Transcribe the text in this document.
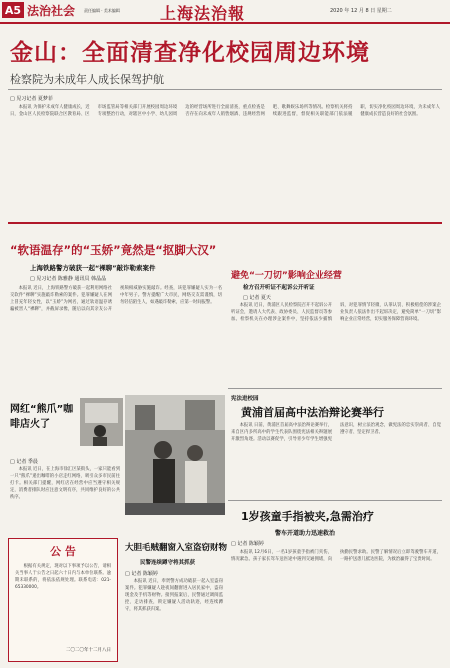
A5 法治社会 责任编辑 · 美术编辑	上海法治報	2020 年 12 月 8 日 星期二
金山：全面清查净化校园周边环境
检察院为未成年人成长保驾护航
□ 见习记者 夏梦菲

本报讯 为保护未成年人健康成长，近日，金山区人民检察院联合区教育局、区市场监管局等相关部门开展校园周边环境专项整治行动，对辖区中小学、幼儿园周边的经营场所进行全面清查，重点检查是否存在向未成年人销售烟酒、违规经营网吧、歌舞娱乐场所等情况。检察机关将持续跟进监督，督促相关职能部门依法履职，切实净化校园周边环境，为未成年人健康成长营造良好的社会氛围。

“软语温存”的“玉娇”竟然是“抠脚大汉”
上海铁路警方破获一起“裸聊”敲诈勒索案件
□ 见习记者 陈雅静 通讯员 韩晶晶

本报讯 近日，上海铁路警方破获一起利用网络社交软件“裸聊”实施敲诈勒索的案件。犯罪嫌疑人在网上冒充年轻女性，以“玉娇”为网名，通过软语温存诱骗被害人“裸聊”，并截屏录像，随后以向其亲友公开视频相威胁实施敲诈。经查，该犯罪嫌疑人实为一名中年男子。警方提醒广大市民，网络交友需谨慎，切勿轻信陌生人，如遇敲诈勒索，应第一时间报警。

避免“一刀切”影响企业经营
检方召开听证不起诉公开听证
□ 记者 夏天

本报讯 近日，黄浦区人民检察院召开不起诉公开听证会，邀请人大代表、政协委员、人民监督员等参加。检察机关在办理涉企案件中，坚持依法少捕慎诉，对犯罪情节轻微、认罪认罚、积极赔偿的涉案企业负责人依法作出不起诉决定，避免简单“一刀切”影响企业正常经营，切实服务保障营商环境。

网红“熊爪”咖啡店火了
□ 记者 季晨

本报讯 近日，在上海市徐汇区某街头，一家只能看到一只“熊爪”递出咖啡的小店走红网络，吸引众多市民前往打卡。相关部门提醒，网红店在经营中应当遵守相关规定，消费者排队时应注意文明有序，共同维护良好的公共秩序。

宪法进校园
黄浦首届高中法治辩论赛举行

本报讯 日前，黄浦区首届高中法治辩论赛举行，来自区内多所高中的学生代表队围绕宪法相关辩题展开激烈角逐。活动以赛促学，引导青少年学生增强宪法意识，树立法治观念，做宪法的忠实崇尚者、自觉遵守者、坚定捍卫者。

1岁孩童手指被夹,急需治疗
警车开道助力迅速救治
□ 记者 陈颖婷

本报讯 12月6日，一名1岁孩童手指被门夹伤，情况紧急。孩子家长驾车送医途中遇到交通拥堵，向执勤民警求助。民警了解情况后立即驾驶警车开道，一路护送患儿抵达医院，为救治赢得了宝贵时间。

大胆毛贼翻窗入室盗窃财物
民警连续蹲守将其抓获
□ 记者 陈颖婷

本报讯 近日，奉贤警方成功破获一起入室盗窃案件。犯罪嫌疑人趁夜间翻窗进入居民家中，盗窃现金及手机等财物。接到报案后，民警通过调阅监控、走访排查，锁定嫌疑人活动轨迹，经连续蹲守，将其抓获归案。

公 告

根据有关规定，现对以下事项予以公告，请相关当事人于公告之日起六十日内与本单位联系。逾期未联系的，将依法依规处理。联系电话：021-65330000。

二〇二〇年十二月八日
